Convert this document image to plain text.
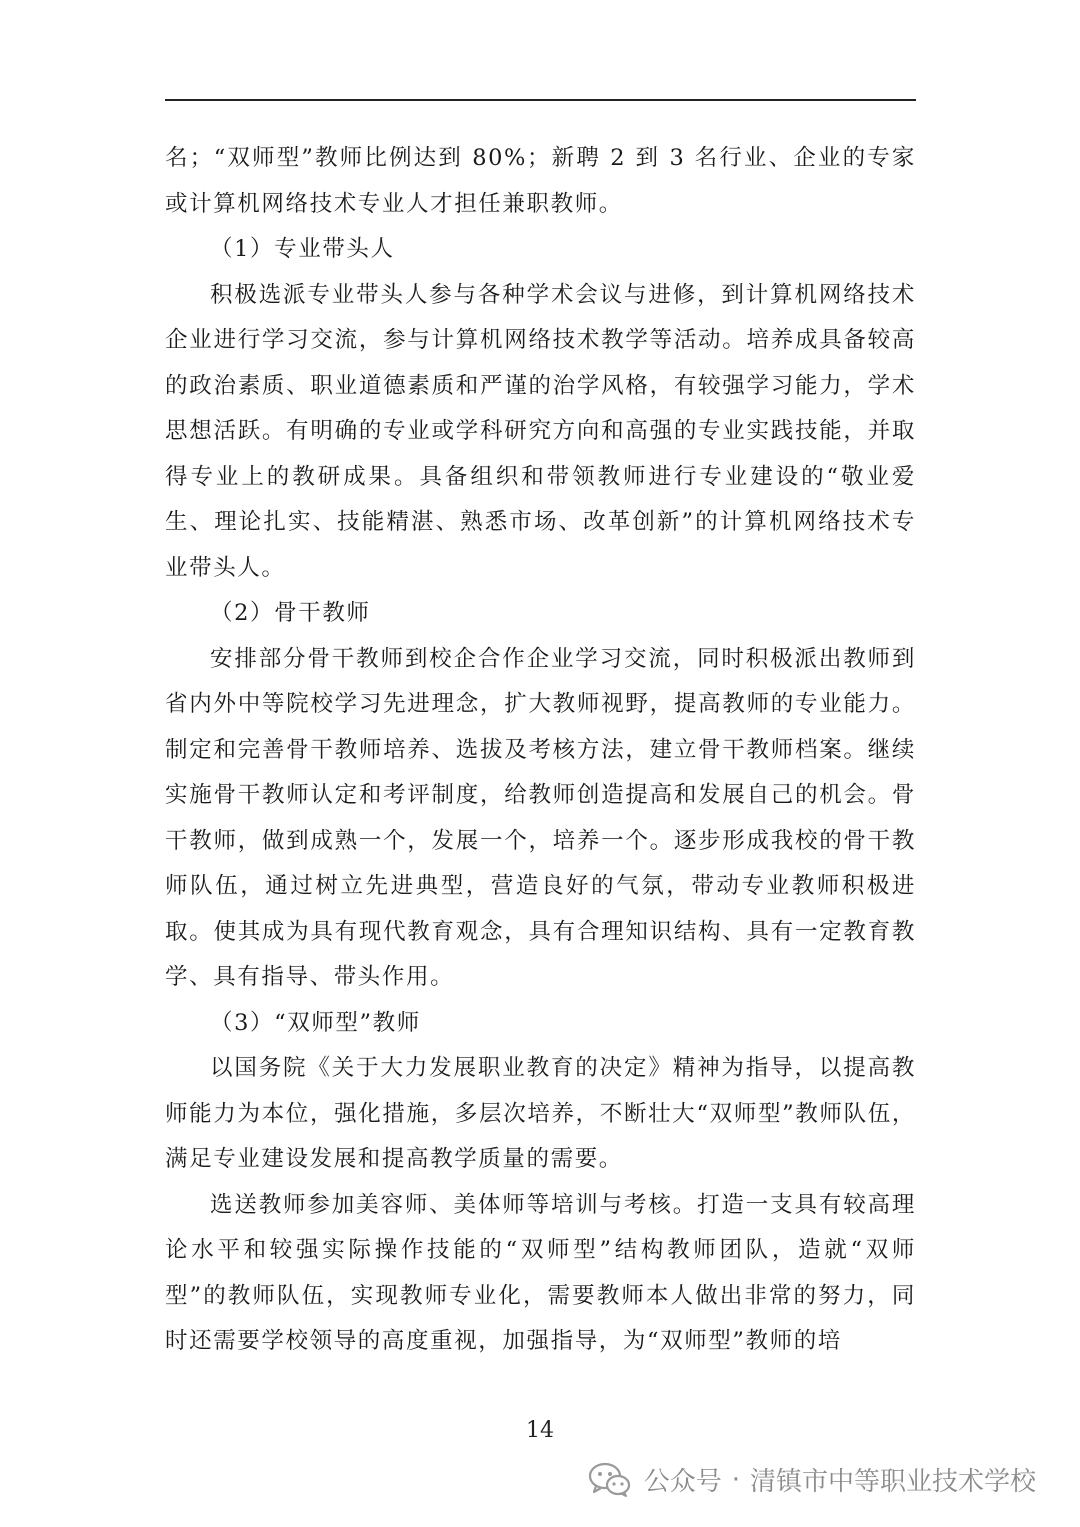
名；“双师型”教师比例达到 80%；新聘 2 到 3 名行业、企业的专家或计算机网络技术专业人才担任兼职教师。

（1）专业带头人

积极选派专业带头人参与各种学术会议与进修，到计算机网络技术企业进行学习交流，参与计算机网络技术教学等活动。培养成具备较高的政治素质、职业道德素质和严谨的治学风格，有较强学习能力，学术思想活跃。有明确的专业或学科研究方向和高强的专业实践技能，并取得专业上的教研成果。具备组织和带领教师进行专业建设的“敬业爱生、理论扎实、技能精湛、熟悉市场、改革创新”的计算机网络技术专业带头人。

（2）骨干教师

安排部分骨干教师到校企合作企业学习交流，同时积极派出教师到省内外中等院校学习先进理念，扩大教师视野，提高教师的专业能力。制定和完善骨干教师培养、选拔及考核方法，建立骨干教师档案。继续实施骨干教师认定和考评制度，给教师创造提高和发展自己的机会。骨干教师，做到成熟一个，发展一个，培养一个。逐步形成我校的骨干教师队伍，通过树立先进典型，营造良好的气氛，带动专业教师积极进取。使其成为具有现代教育观念，具有合理知识结构、具有一定教育教学、具有指导、带头作用。

（3）“双师型”教师

以国务院《关于大力发展职业教育的决定》精神为指导，以提高教师能力为本位，强化措施，多层次培养，不断壮大“双师型”教师队伍，满足专业建设发展和提高教学质量的需要。

选送教师参加美容师、美体师等培训与考核。打造一支具有较高理论水平和较强实际操作技能的“双师型”结构教师团队，造就“双师型”的教师队伍，实现教师专业化，需要教师本人做出非常的努力，同时还需要学校领导的高度重视，加强指导，为“双师型”教师的培

14
公众号 · 清镇市中等职业技术学校
